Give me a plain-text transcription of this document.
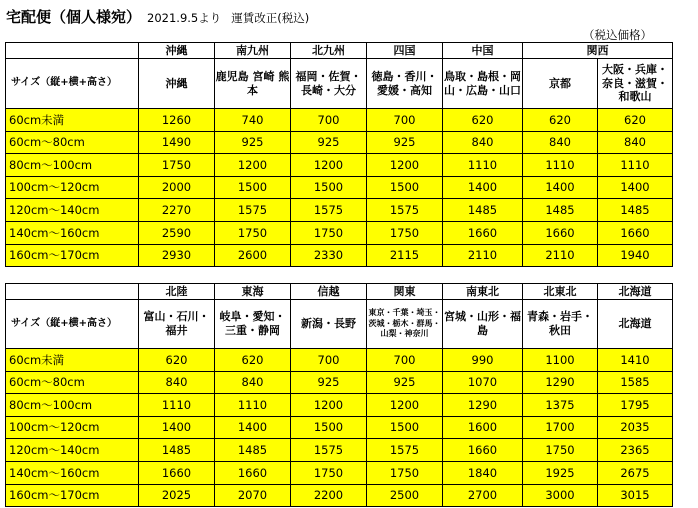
宅配便（個人様宛） 2021.9.5より 運賃改正(税込)
（税込価格）
	沖縄	南九州	北九州	四国	中国	関西	
サイズ（縦+横+高さ）	沖縄	鹿児島 宮崎 熊本	福岡・佐賀・長崎・大分	徳島・香川・愛媛・高知	鳥取・島根・岡山・広島・山口	京都	大阪・兵庫・奈良・滋賀・和歌山
60cm未満	1260	740	700	700	620	620	620
60cm～80cm	1490	925	925	925	840	840	840
80cm～100cm	1750	1200	1200	1200	1110	1110	1110
100cm～120cm	2000	1500	1500	1500	1400	1400	1400
120cm～140cm	2270	1575	1575	1575	1485	1485	1485
140cm～160cm	2590	1750	1750	1750	1660	1660	1660
160cm～170cm	2930	2600	2330	2115	2110	2110	1940
	北陸	東海	信越	関東	南東北	北東北	北海道
サイズ（縦+横+高さ）	富山・石川・福井	岐阜・愛知・三重・静岡	新潟・長野	東京・千葉・埼玉・茨城・栃木・群馬・山梨・神奈川	宮城・山形・福島	青森・岩手・秋田	北海道
60cm未満	620	620	700	700	990	1100	1410
60cm～80cm	840	840	925	925	1070	1290	1585
80cm～100cm	1110	1110	1200	1200	1290	1375	1795
100cm～120cm	1400	1400	1500	1500	1600	1700	2035
120cm～140cm	1485	1485	1575	1575	1660	1750	2365
140cm～160cm	1660	1660	1750	1750	1840	1925	2675
160cm～170cm	2025	2070	2200	2500	2700	3000	3015
